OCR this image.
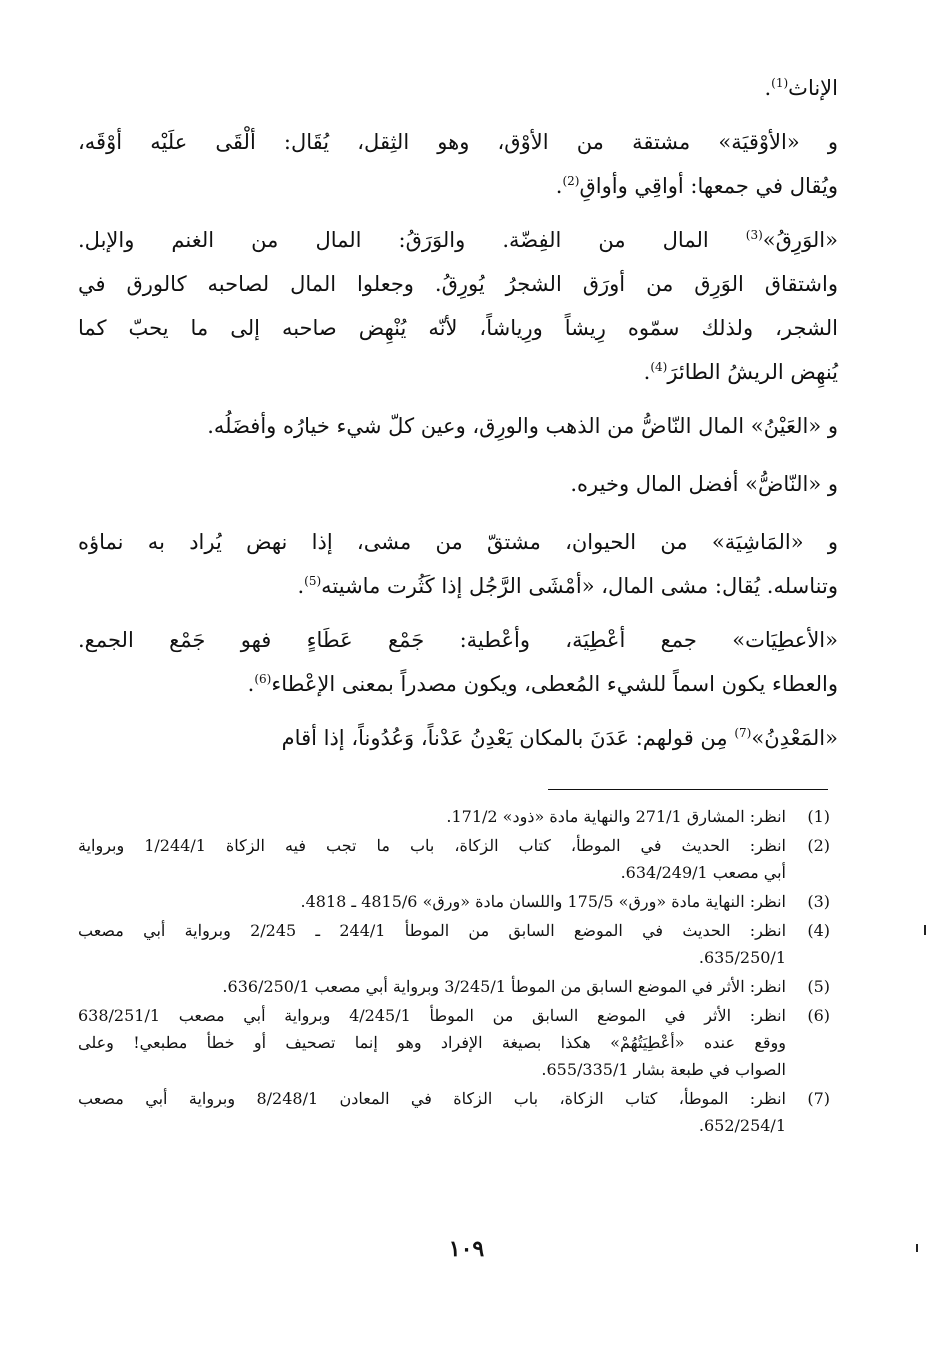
الإناث$^{(1)}$.

و «الأوْقيَة» مشتقة من الأوْق، وهو الثِقل، يُقَال: ألْقَى علَيْه أوْقَه،

ويُقال في جمعها: أواقِي وأواقِ$^{(2)}$.

«الوَرِقُ»$^{(3)}$ المال من الفِضّة. والوَرَقُ: المال من الغنم والإبل.

واشتقاق الوَرِق من أورَق الشجرُ يُورِقُ. وجعلوا المال لصاحبه كالورق في

الشجر، ولذلك سمّوه رِيشاً ورِياشاً، لأنّه يُنْهِض صاحبه إلى ما يحبّ كما

يُنهِض الريشُ الطائرَ$^{(4)}$.

و «العَيْنُ» المال النّاضُّ من الذهب والورِق، وعين كلّ شيء خيارُه وأفضَلُه.

و «النّاضُّ» أفضل المال وخيره.

و «المَاشِيَة» من الحيوان، مشتقّ من مشى، إذا نهض يُراد به نماؤه

وتناسله. يُقال: مشى المال، «أمْشَى الرَّجُل إذا كَثُرت ماشيته$^{(5)}$.

«الأعطِيَات» جمع أعْطِيَة، وأعْطية: جَمْع عَطَاءٍ فهو جَمْع الجمع.

والعطاء يكون اسماً للشيء المُعطى، ويكون مصدراً بمعنى الإعْطاء$^{(6)}$.

«المَعْدِنُ»$^{(7)}$ مِن قولهم: عَدَنَ بالمكان يَعْدِنُ عَدْناً، وَعُدُوناً، إذا أقام

(1)
انظر: المشارق 271/1 والنهاية مادة «ذود» 171/2.
(2)
انظر: الحديث في الموطأ، كتاب الزكاة، باب ما تجب فيه الزكاة 1/244/1 وبرواية
أبي مصعب 634/249/1.
(3)
انظر: النهاية مادة «ورق» 175/5 واللسان مادة «ورق» 4815/6 ـ 4818.
(4)
انظر: الحديث في الموضع السابق من الموطأ 244/1 ـ 2/245 وبرواية أبي مصعب
635/250/1.
(5)
انظر: الأثر في الموضع السابق من الموطأ 3/245/1 وبرواية أبي مصعب 636/250/1.
(6)
انظر: الأثر في الموضع السابق من الموطأ 4/245/1 وبرواية أبي مصعب 638/251/1
ووقع عنده «أعْطِيَتُهُمْ» هكذا بصيغة الإفراد وهو إنما تصحيف أو خطأ مطبعي! وعلى
الصواب في طبعة بشار 655/335/1.
(7)
انظر: الموطأ، كتاب الزكاة، باب الزكاة في المعادن 8/248/1 وبرواية أبي مصعب
652/254/1.
١٠٩
